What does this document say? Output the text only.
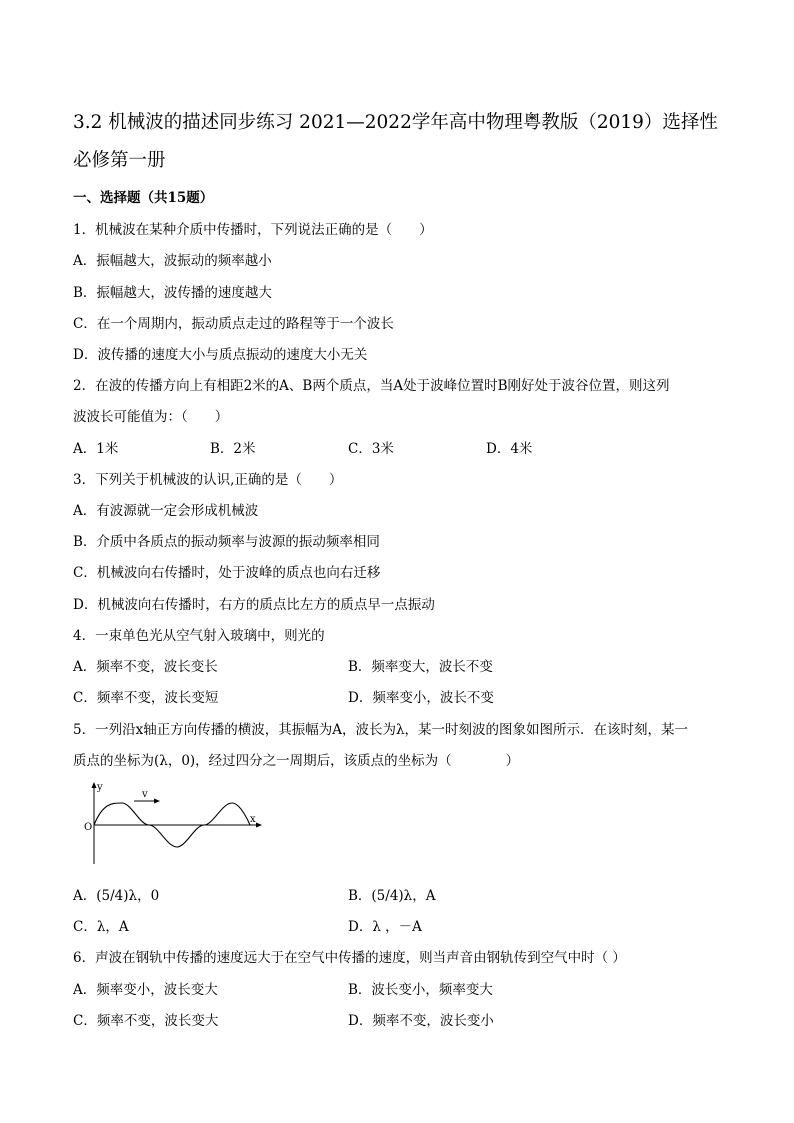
3.2 机械波的描述同步练习 2021—2022学年高中物理粤教版（2019）选择性必修第一册
一、选择题（共15题）
1．机械波在某种介质中传播时，下列说法正确的是（　　）
A．振幅越大，波振动的频率越小
B．振幅越大，波传播的速度越大
C．在一个周期内，振动质点走过的路程等于一个波长
D．波传播的速度大小与质点振动的速度大小无关
2．在波的传播方向上有相距2米的A、B两个质点，当A处于波峰位置时B刚好处于波谷位置，则这列
波波长可能值为：（　　）
A．1米	B．2米	C．3米	D．4米
3．下列关于机械波的认识,正确的是（　　）
A．有波源就一定会形成机械波
B．介质中各质点的振动频率与波源的振动频率相同
C．机械波向右传播时，处于波峰的质点也向右迁移
D．机械波向右传播时，右方的质点比左方的质点早一点振动
4．一束单色光从空气射入玻璃中，则光的
A．频率不变，波长变长	B．频率变大，波长不变
C．频率不变，波长变短	D．频率变小，波长不变
5．一列沿x轴正方向传播的横波，其振幅为A，波长为λ，某一时刻波的图象如图所示．在该时刻，某一
质点的坐标为(λ，0)，经过四分之一周期后，该质点的坐标为（　　　　）
y
x
O
v
A．(5/4)λ，0	B．(5/4)λ，A
C．λ，A	D．λ ，－A
6．声波在钢轨中传播的速度远大于在空气中传播的速度，则当声音由钢轨传到空气中时（ ）
A．频率变小，波长变大	B．波长变小，频率变大
C．频率不变，波长变大	D．频率不变，波长变小
